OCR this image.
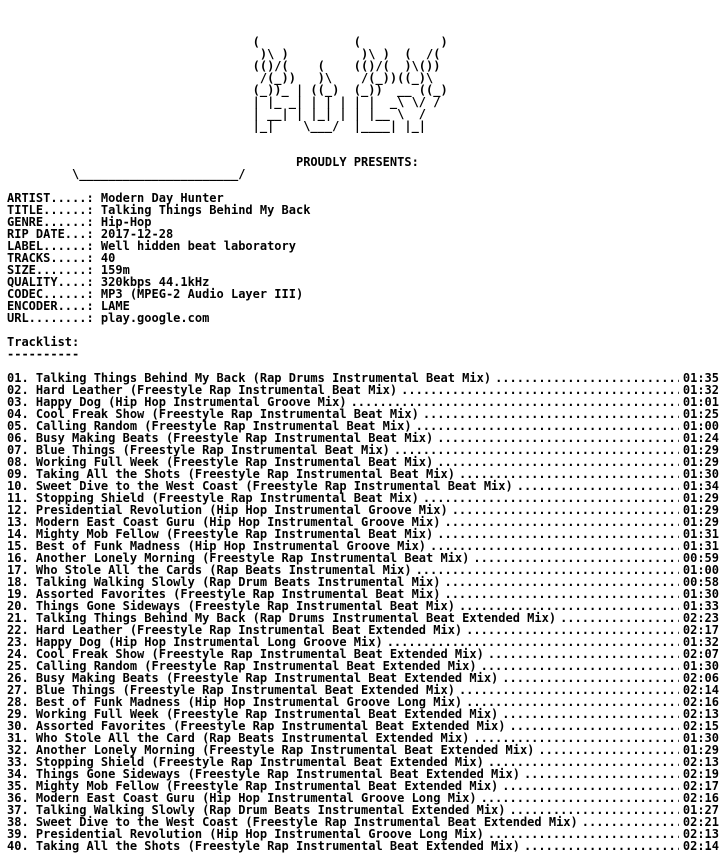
(             (           )
)\ )          )\ )  (  /(
(()/(    (    (()/(  )\())
/(_))   )\    /(_))((_)\
(_))_ | ((_)  (_))  __ ((_)
| |_ _| | | | | |  _\ \/ /
| __| | |_| | | |__ \  /
|_|    \___/  |____| |_|
PROUDLY PRESENTS:
\______________________/
ARTIST.....: Modern Day Hunter
TITLE......: Talking Things Behind My Back
GENRE......: Hip-Hop
RIP DATE...: 2017-12-28
LABEL......: Well hidden beat laboratory
TRACKS.....: 40
SIZE.......: 159m
QUALITY....: 320kbps 44.1kHz
CODEC......: MP3 (MPEG-2 Audio Layer III)
ENCODER....: LAME
URL........: play.google.com
Tracklist:
----------
01. Talking Things Behind My Back (Rap Drums Instrumental Beat Mix) .....	01:35
02. Hard Leather (Freestyle Rap Instrumental Beat Mix) .....	01:32
03. Happy Dog (Hip Hop Instrumental Groove Mix) .....	01:01
04. Cool Freak Show (Freestyle Rap Instrumental Beat Mix) .....	01:25
05. Calling Random (Freestyle Rap Instrumental Beat Mix) .....	01:00
06. Busy Making Beats (Freestyle Rap Instrumental Beat Mix) .....	01:24
07. Blue Things (Freestyle Rap Instrumental Beat Mix) .....	01:29
08. Working Full Week (Freestyle Rap Instrumental Beat Mix) .....	01:29
09. Taking All the Shots (Freestyle Rap Instrumental Beat Mix) .....	01:30
10. Sweet Dive to the West Coast (Freestyle Rap Instrumental Beat Mix) .....	01:34
11. Stopping Shield (Freestyle Rap Instrumental Beat Mix) .....	01:29
12. Presidential Revolution (Hip Hop Instrumental Groove Mix) .....	01:29
13. Modern East Coast Guru (Hip Hop Instrumental Groove Mix) .....	01:29
14. Mighty Mob Fellow (Freestyle Rap Instrumental Beat Mix) .....	01:31
15. Best of Funk Madness (Hip Hop Instrumental Groove Mix) .....	01:31
16. Another Lonely Morning (Freestyle Rap Instrumental Beat Mix) .....	00:59
17. Who Stole All the Cards (Rap Beats Instrumental Mix) .....	01:00
18. Talking Walking Slowly (Rap Drum Beats Instrumental Mix) .....	00:58
19. Assorted Favorites (Freestyle Rap Instrumental Beat Mix) .....	01:30
20. Things Gone Sideways (Freestyle Rap Instrumental Beat Mix) .....	01:33
21. Talking Things Behind My Back (Rap Drums Instrumental Beat Extended Mix) .....	02:23
22. Hard Leather (Freestyle Rap Instrumental Beat Extended Mix) .....	02:17
23. Happy Dog (Hip Hop Instrumental Long Groove Mix) .....	01:32
24. Cool Freak Show (Freestyle Rap Instrumental Beat Extended Mix) .....	02:07
25. Calling Random (Freestyle Rap Instrumental Beat Extended Mix) .....	01:30
26. Busy Making Beats (Freestyle Rap Instrumental Beat Extended Mix) .....	02:06
27. Blue Things (Freestyle Rap Instrumental Beat Extended Mix) .....	02:14
28. Best of Funk Madness (Hip Hop Instrumental Groove Long Mix) .....	02:16
29. Working Full Week (Freestyle Rap Instrumental Beat Extended Mix) .....	02:13
30. Assorted Favorites (Freestyle Rap Instrumental Beat Extended Mix) .....	02:15
31. Who Stole All the Card (Rap Beats Instrumental Extended Mix) .....	01:30
32. Another Lonely Morning (Freestyle Rap Instrumental Beat Extended Mix) .....	01:29
33. Stopping Shield (Freestyle Rap Instrumental Beat Extended Mix) .....	02:13
34. Things Gone Sideways (Freestyle Rap Instrumental Beat Extended Mix) .....	02:19
35. Mighty Mob Fellow (Freestyle Rap Instrumental Beat Extended Mix) .....	02:17
36. Modern East Coast Guru (Hip Hop Instrumental Groove Long Mix) .....	02:16
37. Talking Walking Slowly (Rap Drum Beats Instrumental Extended Mix) .....	01:27
38. Sweet Dive to the West Coast (Freestyle Rap Instrumental Beat Extended Mix) .....	02:21
39. Presidential Revolution (Hip Hop Instrumental Groove Long Mix) .....	02:13
40. Taking All the Shots (Freestyle Rap Instrumental Beat Extended Mix) .....	02:14
